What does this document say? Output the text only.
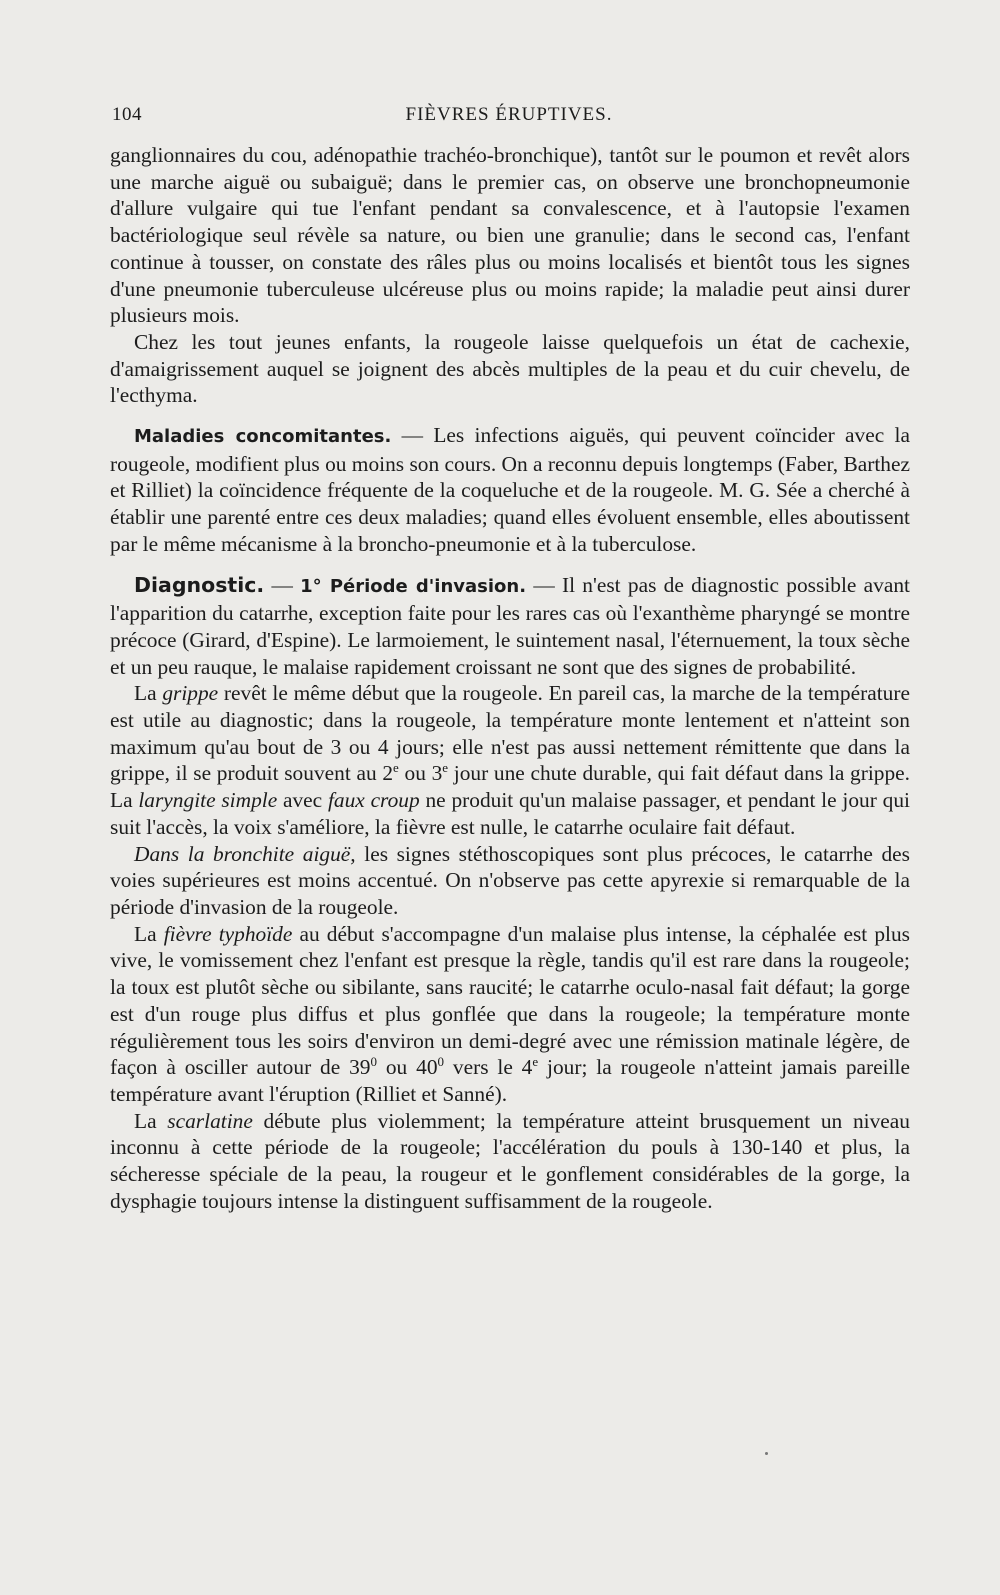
104	FIÈVRES ÉRUPTIVES.

ganglionnaires du cou, adénopathie trachéo-bronchique), tantôt sur le poumon et revêt alors une marche aiguë ou subaiguë; dans le premier cas, on observe une bronchopneumonie d'allure vulgaire qui tue l'enfant pendant sa convalescence, et à l'autopsie l'examen bactériologique seul révèle sa nature, ou bien une granulie; dans le second cas, l'enfant continue à tousser, on constate des râles plus ou moins localisés et bientôt tous les signes d'une pneumonie tuberculeuse ulcéreuse plus ou moins rapide; la maladie peut ainsi durer plusieurs mois.

Chez les tout jeunes enfants, la rougeole laisse quelquefois un état de cachexie, d'amaigrissement auquel se joignent des abcès multiples de la peau et du cuir chevelu, de l'ecthyma.

Maladies concomitantes. — Les infections aiguës, qui peuvent coïncider avec la rougeole, modifient plus ou moins son cours. On a reconnu depuis longtemps (Faber, Barthez et Rilliet) la coïncidence fréquente de la coqueluche et de la rougeole. M. G. Sée a cherché à établir une parenté entre ces deux maladies; quand elles évoluent ensemble, elles aboutissent par le même mécanisme à la broncho-pneumonie et à la tuberculose.

Diagnostic. — 1° Période d'invasion. — Il n'est pas de diagnostic possible avant l'apparition du catarrhe, exception faite pour les rares cas où l'exanthème pharyngé se montre précoce (Girard, d'Espine). Le larmoiement, le suintement nasal, l'éternuement, la toux sèche et un peu rauque, le malaise rapidement croissant ne sont que des signes de probabilité.

La grippe revêt le même début que la rougeole. En pareil cas, la marche de la température est utile au diagnostic; dans la rougeole, la température monte lentement et n'atteint son maximum qu'au bout de 3 ou 4 jours; elle n'est pas aussi nettement rémittente que dans la grippe, il se produit souvent au 2e ou 3e jour une chute durable, qui fait défaut dans la grippe. La laryngite simple avec faux croup ne produit qu'un malaise passager, et pendant le jour qui suit l'accès, la voix s'améliore, la fièvre est nulle, le catarrhe oculaire fait défaut.

Dans la bronchite aiguë, les signes stéthoscopiques sont plus précoces, le catarrhe des voies supérieures est moins accentué. On n'observe pas cette apyrexie si remarquable de la période d'invasion de la rougeole.

La fièvre typhoïde au début s'accompagne d'un malaise plus intense, la céphalée est plus vive, le vomissement chez l'enfant est presque la règle, tandis qu'il est rare dans la rougeole; la toux est plutôt sèche ou sibilante, sans raucité; le catarrhe oculo-nasal fait défaut; la gorge est d'un rouge plus diffus et plus gonflée que dans la rougeole; la température monte régulièrement tous les soirs d'environ un demi-degré avec une rémission matinale légère, de façon à osciller autour de $39^0$ ou $40^0$ vers le 4e jour; la rougeole n'atteint jamais pareille température avant l'éruption (Rilliet et Sanné).

La scarlatine débute plus violemment; la température atteint brusquement un niveau inconnu à cette période de la rougeole; l'accélération du pouls à 130-140 et plus, la sécheresse spéciale de la peau, la rougeur et le gonflement considérables de la gorge, la dysphagie toujours intense la distinguent suffisamment de la rougeole.
